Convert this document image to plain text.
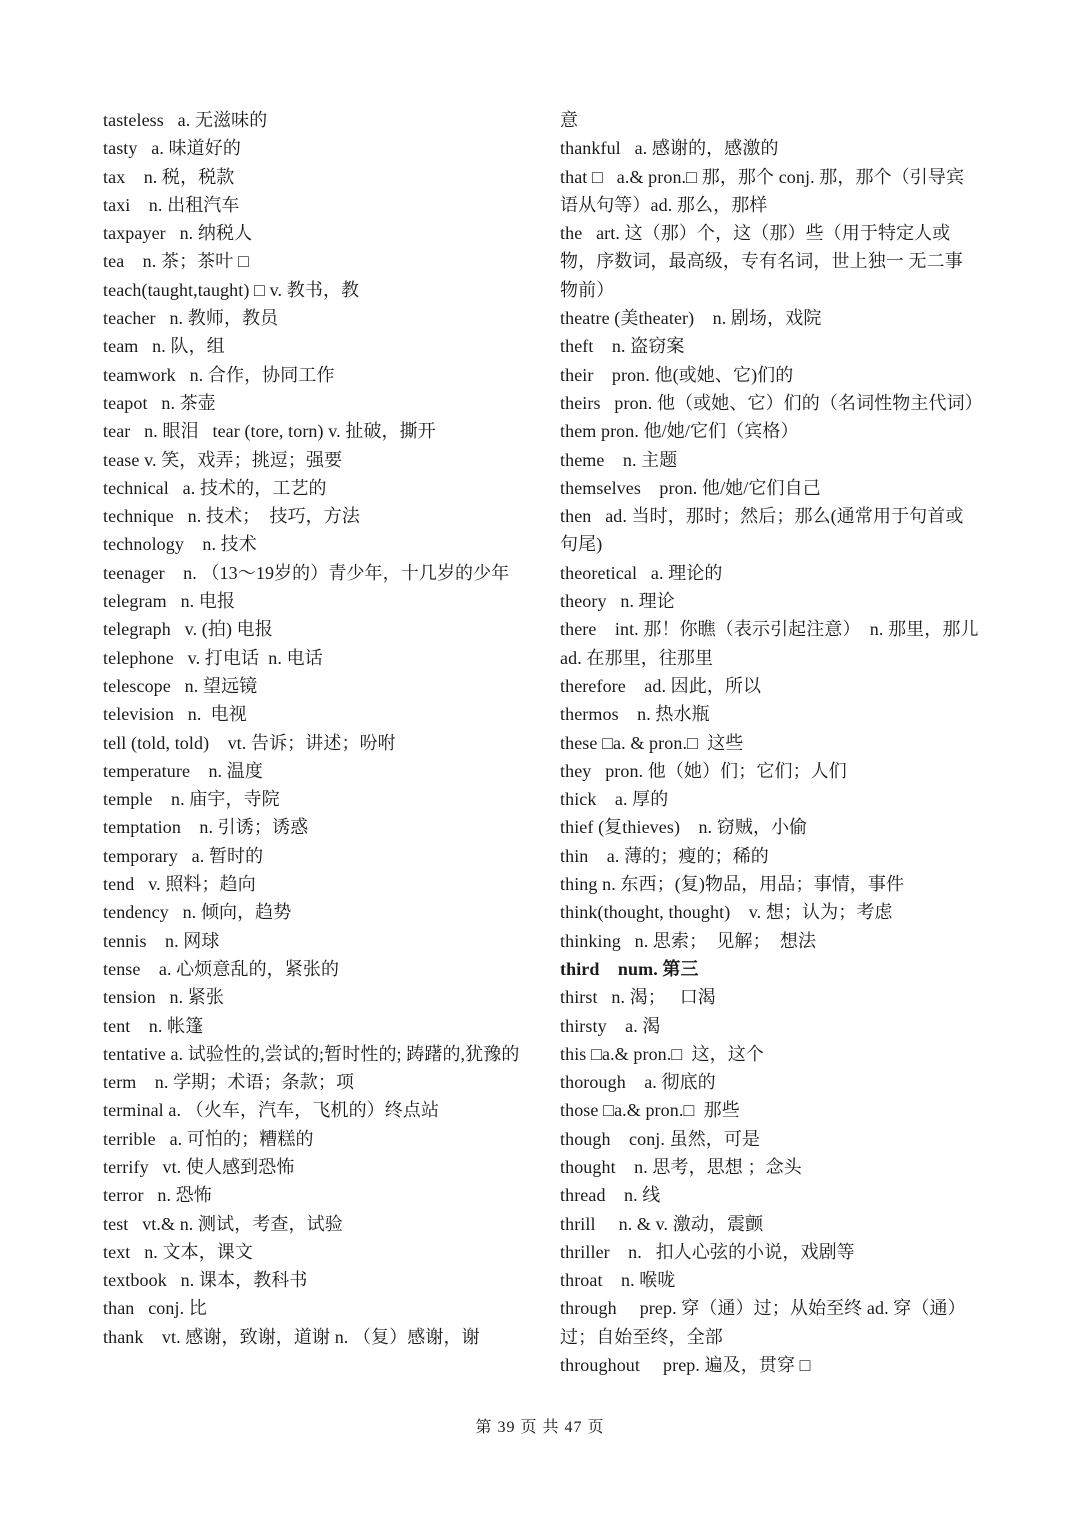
tasteless   a. 无滋味的
tasty   a. 味道好的
tax    n. 税，税款
taxi    n. 出租汽车
taxpayer   n. 纳税人
tea    n. 茶；茶叶 □
teach(taught,taught) □ v. 教书，教
teacher   n. 教师，教员
team   n. 队，组
teamwork   n. 合作，协同工作
teapot   n. 茶壶
tear   n. 眼泪   tear (tore, torn) v. 扯破，撕开
tease v. 笑，戏弄；挑逗；强要
technical   a. 技术的，工艺的
technique   n. 技术；  技巧，方法
technology    n. 技术
teenager    n. （13～19岁的）青少年，十几岁的少年
telegram   n. 电报
telegraph   v. (拍) 电报
telephone   v. 打电话  n. 电话
telescope   n. 望远镜
television   n.  电视
tell (told, told)    vt. 告诉；讲述；吩咐
temperature    n. 温度
temple    n. 庙宇，寺院
temptation    n. 引诱；诱惑
temporary   a. 暂时的
tend   v. 照料；趋向
tendency   n. 倾向，趋势
tennis    n. 网球
tense    a. 心烦意乱的，紧张的
tension   n. 紧张
tent    n. 帐篷
tentative a. 试验性的,尝试的;暂时性的; 踌躇的,犹豫的
term    n. 学期；术语；条款；项
terminal a. （火车，汽车，飞机的）终点站
terrible   a. 可怕的；糟糕的
terrify   vt. 使人感到恐怖
terror   n. 恐怖
test   vt.& n. 测试，考查，试验
text   n. 文本，课文
textbook   n. 课本，教科书
than   conj. 比
thank    vt. 感谢，致谢，道谢 n. （复）感谢，谢
意
thankful   a. 感谢的，感激的
that □   a.& pron.□ 那，那个 conj. 那，那个（引导宾语从句等）ad. 那么，那样
the   art. 这（那）个，这（那）些（用于特定人或物，序数词，最高级，专有名词，世上独一 无二事物前）
theatre (美theater)    n. 剧场，戏院
theft    n. 盗窃案
their    pron. 他(或她、它)们的
theirs   pron. 他（或她、它）们的（名词性物主代词）
them pron. 他/她/它们（宾格）
theme    n. 主题
themselves    pron. 他/她/它们自己
then   ad. 当时，那时；然后；那么(通常用于句首或句尾)
theoretical   a. 理论的
theory   n. 理论
there    int. 那！你瞧（表示引起注意）  n. 那里，那儿 ad. 在那里，往那里
therefore    ad. 因此，所以
thermos    n. 热水瓶
these □a. & pron.□  这些
they   pron. 他（她）们；它们；人们
thick    a. 厚的
thief (复thieves)    n. 窃贼，小偷
thin    a. 薄的；瘦的；稀的
thing n. 东西；(复)物品，用品；事情，事件
think(thought, thought)    v. 想；认为；考虑
thinking   n. 思索；  见解；  想法
third    num. 第三
thirst   n. 渴；   口渴
thirsty    a. 渴
this □a.& pron.□  这，这个
thorough    a. 彻底的
those □a.& pron.□  那些
though    conj. 虽然，可是
thought    n. 思考，思想 ；念头
thread    n. 线
thrill     n. & v. 激动，震颤
thriller    n.   扣人心弦的小说，戏剧等
throat    n. 喉咙
through     prep. 穿（通）过；从始至终 ad. 穿（通）过；自始至终，全部
throughout     prep. 遍及，贯穿 □
第 39 页 共 47 页
